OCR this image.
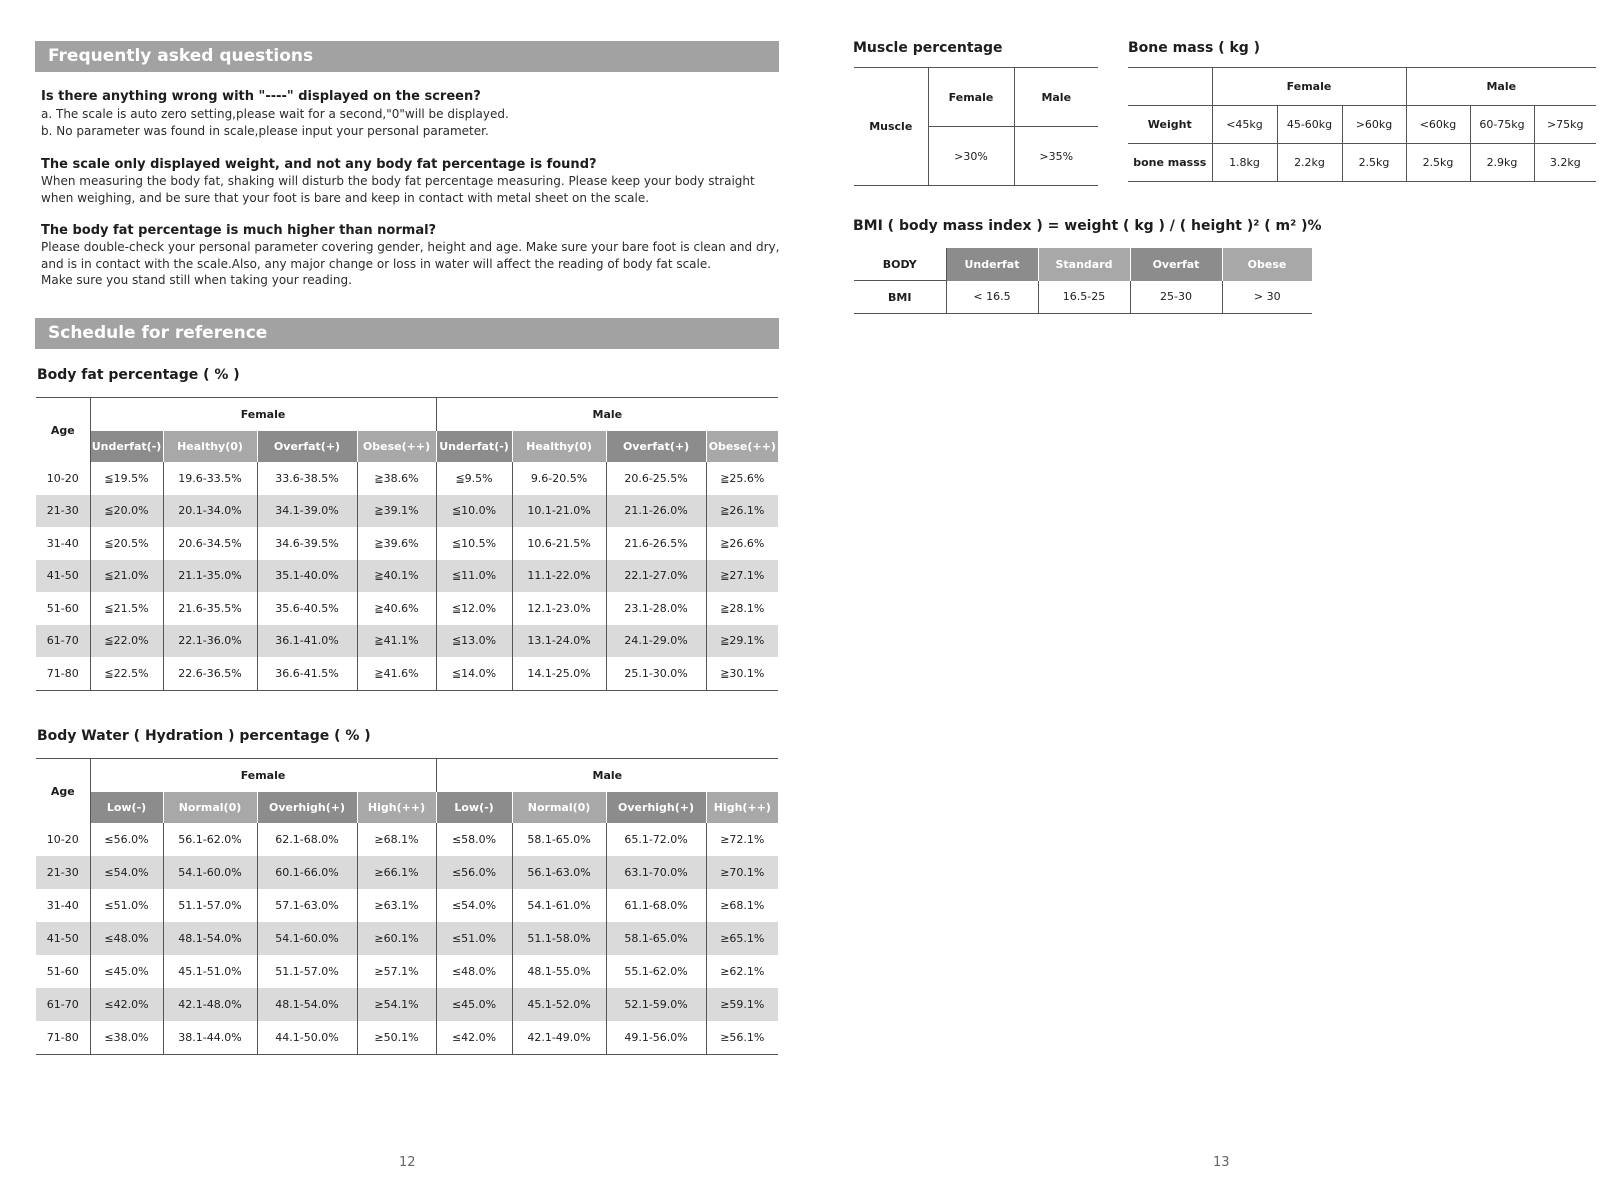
Frequently asked questions

Is there anything wrong with "----" displayed on the screen?

a. The scale is auto zero setting,please wait for a second,"0"will be displayed.

b. No parameter was found in scale,please input your personal parameter.

The scale only displayed weight, and not any body fat percentage is found?

When measuring the body fat, shaking will disturb the body fat percentage measuring. Please keep your body straight

when weighing, and be sure that your foot is bare and keep in contact with metal sheet on the scale.

The body fat percentage is much higher than normal?

Please double-check your personal parameter covering gender, height and age. Make sure your bare foot is clean and dry,

and is in contact with the scale.Also, any major change or loss in water will affect the reading of body fat scale.

Make sure you stand still when taking your reading.

Schedule for reference

Body fat percentage ( % )

Age	Female				Male			
	Underfat(-)	Healthy(0)	Overfat(+)	Obese(++)	Underfat(-)	Healthy(0)	Overfat(+)	Obese(++)
10-20	≦19.5%	19.6-33.5%	33.6-38.5%	≧38.6%	≦9.5%	9.6-20.5%	20.6-25.5%	≧25.6%
21-30	≦20.0%	20.1-34.0%	34.1-39.0%	≧39.1%	≦10.0%	10.1-21.0%	21.1-26.0%	≧26.1%
31-40	≦20.5%	20.6-34.5%	34.6-39.5%	≧39.6%	≦10.5%	10.6-21.5%	21.6-26.5%	≧26.6%
41-50	≦21.0%	21.1-35.0%	35.1-40.0%	≧40.1%	≦11.0%	11.1-22.0%	22.1-27.0%	≧27.1%
51-60	≦21.5%	21.6-35.5%	35.6-40.5%	≧40.6%	≦12.0%	12.1-23.0%	23.1-28.0%	≧28.1%
61-70	≦22.0%	22.1-36.0%	36.1-41.0%	≧41.1%	≦13.0%	13.1-24.0%	24.1-29.0%	≧29.1%
71-80	≦22.5%	22.6-36.5%	36.6-41.5%	≧41.6%	≦14.0%	14.1-25.0%	25.1-30.0%	≧30.1%

Body Water ( Hydration ) percentage ( % )

Age	Female				Male			
	Low(-)	Normal(0)	Overhigh(+)	High(++)	Low(-)	Normal(0)	Overhigh(+)	High(++)
10-20	≤56.0%	56.1-62.0%	62.1-68.0%	≥68.1%	≤58.0%	58.1-65.0%	65.1-72.0%	≥72.1%
21-30	≤54.0%	54.1-60.0%	60.1-66.0%	≥66.1%	≤56.0%	56.1-63.0%	63.1-70.0%	≥70.1%
31-40	≤51.0%	51.1-57.0%	57.1-63.0%	≥63.1%	≤54.0%	54.1-61.0%	61.1-68.0%	≥68.1%
41-50	≤48.0%	48.1-54.0%	54.1-60.0%	≥60.1%	≤51.0%	51.1-58.0%	58.1-65.0%	≥65.1%
51-60	≤45.0%	45.1-51.0%	51.1-57.0%	≥57.1%	≤48.0%	48.1-55.0%	55.1-62.0%	≥62.1%
61-70	≤42.0%	42.1-48.0%	48.1-54.0%	≥54.1%	≤45.0%	45.1-52.0%	52.1-59.0%	≥59.1%
71-80	≤38.0%	38.1-44.0%	44.1-50.0%	≥50.1%	≤42.0%	42.1-49.0%	49.1-56.0%	≥56.1%
12

Muscle percentage

Muscle	Female	Male
	>30%	>35%

Bone mass ( kg )

	Female			Male		
Weight	<45kg	45-60kg	>60kg	<60kg	60-75kg	>75kg
bone masss	1.8kg	2.2kg	2.5kg	2.5kg	2.9kg	3.2kg

BMI ( body mass index ) = weight ( kg ) / ( height )² ( m² )%

BODY	Underfat	Standard	Overfat	Obese
BMI	< 16.5	16.5-25	25-30	> 30
13
